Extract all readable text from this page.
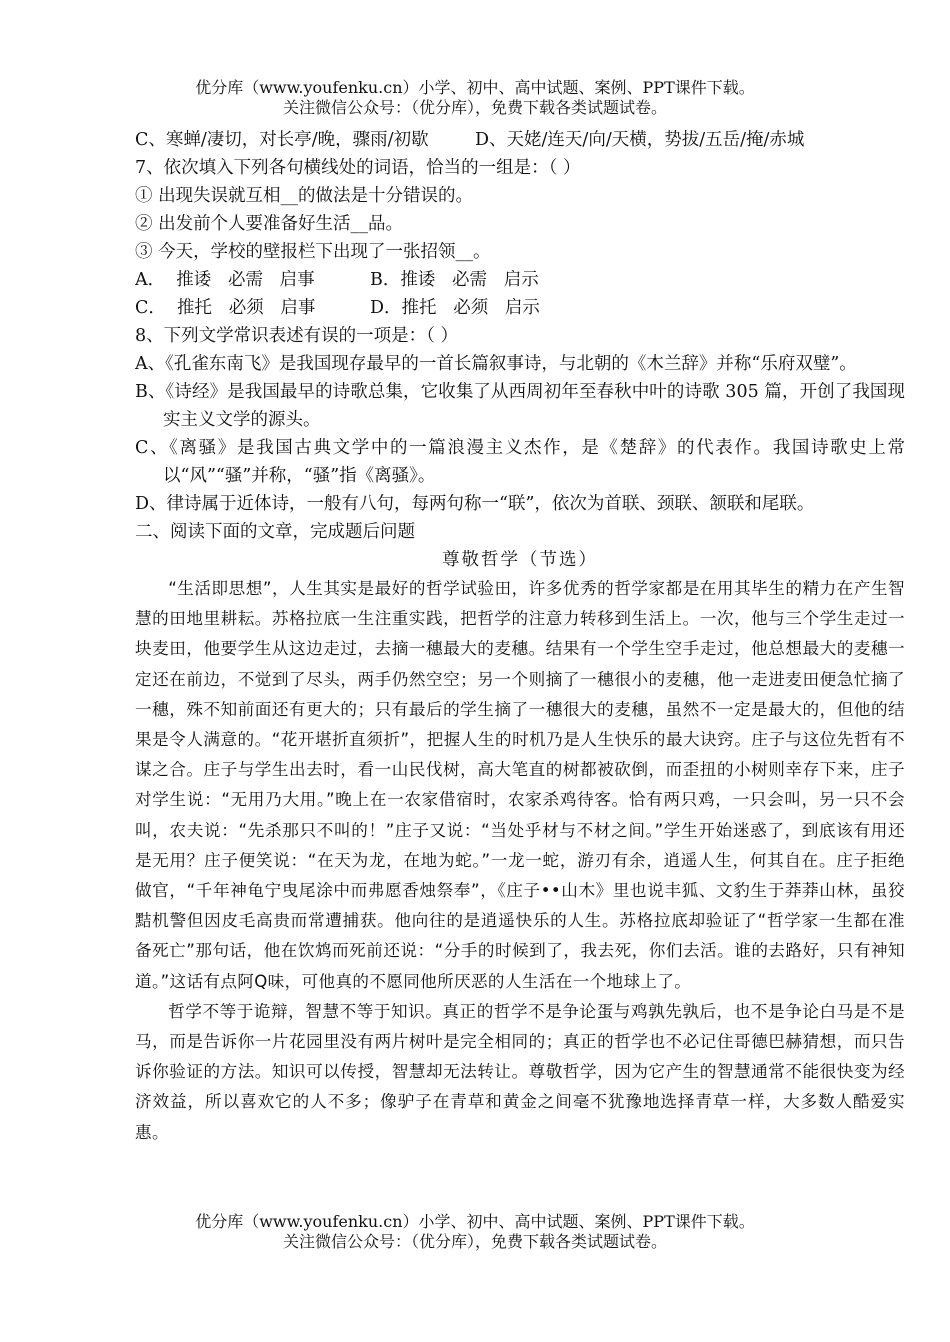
优分库（www.youfenku.cn）小学、初中、高中试题、案例、PPT课件下载。
关注微信公众号：（优分库），免费下载各类试题试卷。
C、寒蝉/凄切，对长亭/晚，骤雨/初歇	D、天姥/连天/向/天横，势拔/五岳/掩/赤城
7、依次填入下列各句横线处的词语，恰当的一组是：（ ）
① 出现失误就互相__的做法是十分错误的。
② 出发前个人要准备好生活__品。
③ 今天，学校的壁报栏下出现了一张招领__。
A．  推诿   必需   启事	B．推诿   必需   启示
C．  推托   必须   启事	D．推托   必须   启示
8、下列文学常识表述有误的一项是：（ ）
A、《孔雀东南飞》是我国现存最早的一首长篇叙事诗，与北朝的《木兰辞》并称“乐府双璧”。
B、《诗经》是我国最早的诗歌总集，它收集了从西周初年至春秋中叶的诗歌 305 篇，开创了我国现实主义文学的源头。
C、《离骚》是我国古典文学中的一篇浪漫主义杰作，是《楚辞》的代表作。我国诗歌史上常以“风”“骚”并称，“骚”指《离骚》。
D、律诗属于近体诗，一般有八句，每两句称一“联”，依次为首联、颈联、颔联和尾联。
二、阅读下面的文章，完成题后问题
尊敬哲学（节选）
“生活即思想”，人生其实是最好的哲学试验田，许多优秀的哲学家都是在用其毕生的精力在产生智慧的田地里耕耘。苏格拉底一生注重实践，把哲学的注意力转移到生活上。一次，他与三个学生走过一块麦田，他要学生从这边走过，去摘一穗最大的麦穗。结果有一个学生空手走过，他总想最大的麦穗一定还在前边，不觉到了尽头，两手仍然空空；另一个则摘了一穗很小的麦穗，他一走进麦田便急忙摘了一穗，殊不知前面还有更大的；只有最后的学生摘了一穗很大的麦穗，虽然不一定是最大的，但他的结果是令人满意的。“花开堪折直须折”，把握人生的时机乃是人生快乐的最大诀窍。庄子与这位先哲有不谋之合。庄子与学生出去时，看一山民伐树，高大笔直的树都被砍倒，而歪扭的小树则幸存下来，庄子对学生说：“无用乃大用。”晚上在一农家借宿时，农家杀鸡待客。恰有两只鸡，一只会叫，另一只不会叫，农夫说：“先杀那只不叫的！”庄子又说：“当处乎材与不材之间。”学生开始迷惑了，到底该有用还是无用？庄子便笑说：“在天为龙，在地为蛇。”一龙一蛇，游刃有余，逍遥人生，何其自在。庄子拒绝做官，“千年神龟宁曳尾涂中而弗愿香烛祭奉”，《庄子••山木》里也说丰狐、文豹生于莽莽山林，虽狡黠机警但因皮毛高贵而常遭捕获。他向往的是逍遥快乐的人生。苏格拉底却验证了“哲学家一生都在准备死亡”那句话，他在饮鸩而死前还说：“分手的时候到了，我去死，你们去活。谁的去路好，只有神知道。”这话有点阿Q味，可他真的不愿同他所厌恶的人生活在一个地球上了。
哲学不等于诡辩，智慧不等于知识。真正的哲学不是争论蛋与鸡孰先孰后，也不是争论白马是不是马，而是告诉你一片花园里没有两片树叶是完全相同的；真正的哲学也不必记住哥德巴赫猜想，而只告诉你验证的方法。知识可以传授，智慧却无法转让。尊敬哲学，因为它产生的智慧通常不能很快变为经济效益，所以喜欢它的人不多；像驴子在青草和黄金之间毫不犹豫地选择青草一样，大多数人酷爱实惠。
优分库（www.youfenku.cn）小学、初中、高中试题、案例、PPT课件下载。
关注微信公众号：（优分库），免费下载各类试题试卷。
